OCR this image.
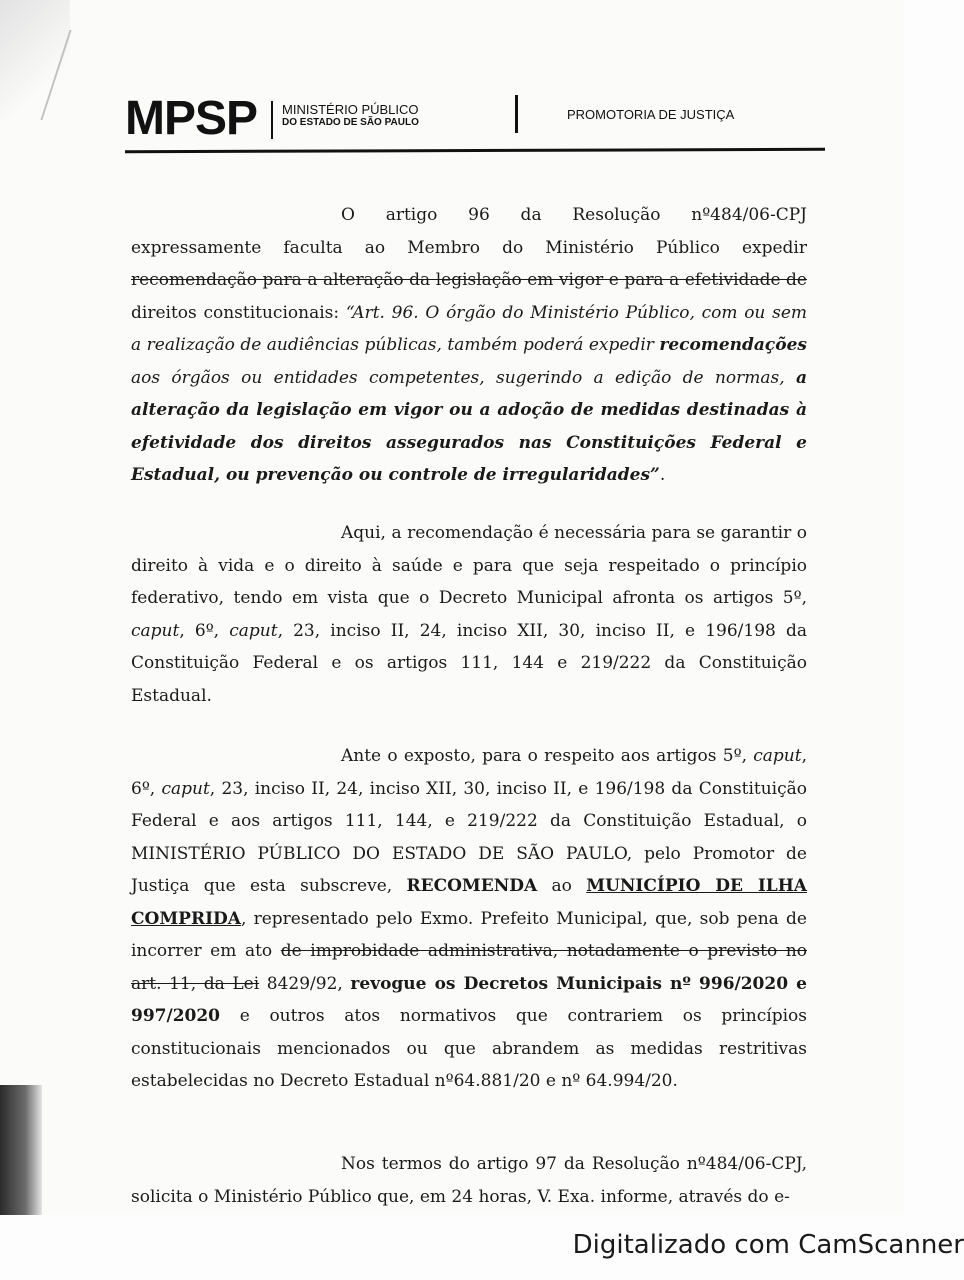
MPSP MINISTÉRIO PÚBLICO
DO ESTADO DE SÃO PAULO
PROMOTORIA DE JUSTIÇA
O artigo 96 da Resolução nº484/06-CPJ expressamente faculta ao Membro do Ministério Público expedir recomendação para a alteração da legislação em vigor e para a efetividade de direitos constitucionais: “Art. 96. O órgão do Ministério Público, com ou sem a realização de audiências públicas, também poderá expedir recomendações aos órgãos ou entidades competentes, sugerindo a edição de normas, a alteração da legislação em vigor ou a adoção de medidas destinadas à efetividade dos direitos assegurados nas Constituições Federal e Estadual, ou prevenção ou controle de irregularidades”.
Aqui, a recomendação é necessária para se garantir o direito à vida e o direito à saúde e para que seja respeitado o princípio federativo, tendo em vista que o Decreto Municipal afronta os artigos 5º, caput, 6º, caput, 23, inciso II, 24, inciso XII, 30, inciso II, e 196/198 da Constituição Federal e os artigos 111, 144 e 219/222 da Constituição Estadual.
Ante o exposto, para o respeito aos artigos 5º, caput, 6º, caput, 23, inciso II, 24, inciso XII, 30, inciso II, e 196/198 da Constituição Federal e aos artigos 111, 144, e 219/222 da Constituição Estadual, o MINISTÉRIO PÚBLICO DO ESTADO DE SÃO PAULO, pelo Promotor de Justiça que esta subscreve, RECOMENDA ao MUNICÍPIO DE ILHA COMPRIDA, representado pelo Exmo. Prefeito Municipal, que, sob pena de incorrer em ato de improbidade administrativa, notadamente o previsto no art. 11, da Lei 8429/92, revogue os Decretos Municipais nº 996/2020 e 997/2020 e outros atos normativos que contrariem os princípios constitucionais mencionados ou que abrandem as medidas restritivas estabelecidas no Decreto Estadual nº64.881/20 e nº 64.994/20.
Nos termos do artigo 97 da Resolução nº484/06-CPJ, solicita o Ministério Público que, em 24 horas, V. Exa. informe, através do e-
Digitalizado com CamScanner
